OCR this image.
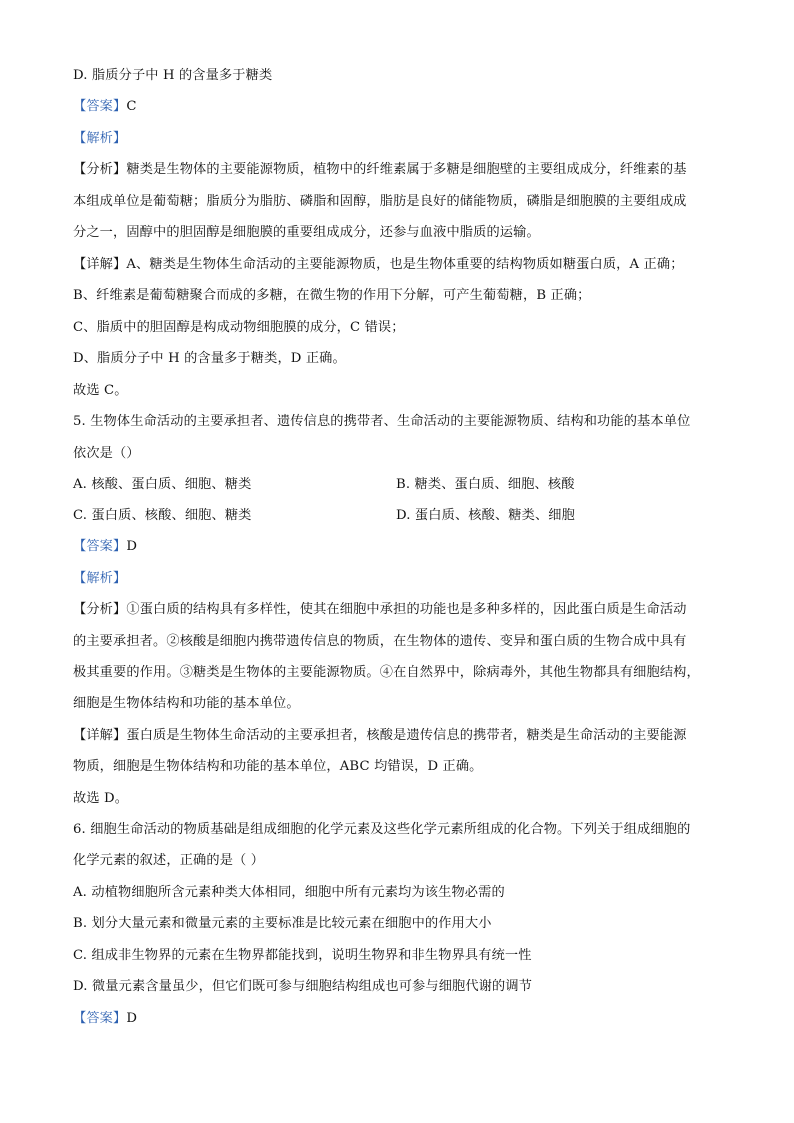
D. 脂质分子中 H 的含量多于糖类
【答案】C
【解析】
【分析】糖类是生物体的主要能源物质，植物中的纤维素属于多糖是细胞壁的主要组成成分，纤维素的基
本组成单位是葡萄糖；脂质分为脂肪、磷脂和固醇，脂肪是良好的储能物质，磷脂是细胞膜的主要组成成
分之一，固醇中的胆固醇是细胞膜的重要组成成分，还参与血液中脂质的运输。
【详解】A、糖类是生物体生命活动的主要能源物质，也是生物体重要的结构物质如糖蛋白质，A 正确；
B、纤维素是葡萄糖聚合而成的多糖，在微生物的作用下分解，可产生葡萄糖，B 正确；
C、脂质中的胆固醇是构成动物细胞膜的成分，C 错误；
D、脂质分子中 H 的含量多于糖类，D 正确。
故选 C。
5. 生物体生命活动的主要承担者、遗传信息的携带者、生命活动的主要能源物质、结构和功能的基本单位
依次是（）
A. 核酸、蛋白质、细胞、糖类	B. 糖类、蛋白质、细胞、核酸
C. 蛋白质、核酸、细胞、糖类	D. 蛋白质、核酸、糖类、细胞
【答案】D
【解析】
【分析】①蛋白质的结构具有多样性，使其在细胞中承担的功能也是多种多样的，因此蛋白质是生命活动
的主要承担者。②核酸是细胞内携带遗传信息的物质，在生物体的遗传、变异和蛋白质的生物合成中具有
极其重要的作用。③糖类是生物体的主要能源物质。④在自然界中，除病毒外，其他生物都具有细胞结构，
细胞是生物体结构和功能的基本单位。
【详解】蛋白质是生物体生命活动的主要承担者，核酸是遗传信息的携带者，糖类是生命活动的主要能源
物质，细胞是生物体结构和功能的基本单位，ABC 均错误，D 正确。
故选 D。
6. 细胞生命活动的物质基础是组成细胞的化学元素及这些化学元素所组成的化合物。下列关于组成细胞的
化学元素的叙述，正确的是（ ）
A. 动植物细胞所含元素种类大体相同，细胞中所有元素均为该生物必需的
B. 划分大量元素和微量元素的主要标准是比较元素在细胞中的作用大小
C. 组成非生物界的元素在生物界都能找到，说明生物界和非生物界具有统一性
D. 微量元素含量虽少，但它们既可参与细胞结构组成也可参与细胞代谢的调节
【答案】D
